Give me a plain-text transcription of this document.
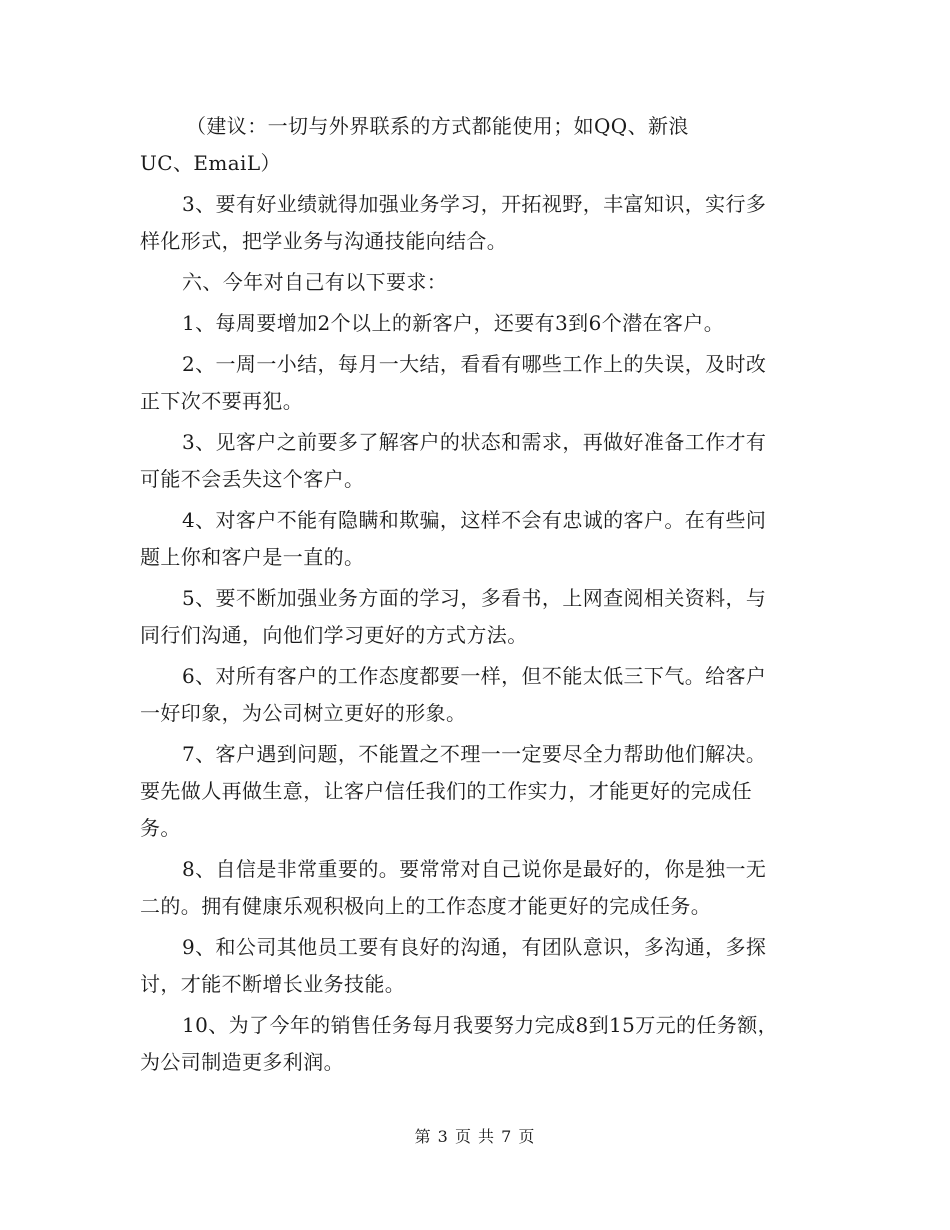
（建议：一切与外界联系的方式都能使用；如QQ、新浪
UC、EmaiL）

3、要有好业绩就得加强业务学习，开拓视野，丰富知识，实行多
样化形式，把学业务与沟通技能向结合。

六、今年对自己有以下要求：

1、每周要增加2个以上的新客户，还要有3到6个潜在客户。

2、一周一小结，每月一大结，看看有哪些工作上的失误，及时改
正下次不要再犯。

3、见客户之前要多了解客户的状态和需求，再做好准备工作才有
可能不会丢失这个客户。

4、对客户不能有隐瞒和欺骗，这样不会有忠诚的客户。在有些问
题上你和客户是一直的。

5、要不断加强业务方面的学习，多看书，上网查阅相关资料，与
同行们沟通，向他们学习更好的方式方法。

6、对所有客户的工作态度都要一样，但不能太低三下气。给客户
一好印象，为公司树立更好的形象。

7、客户遇到问题，不能置之不理一一定要尽全力帮助他们解决。
要先做人再做生意，让客户信任我们的工作实力，才能更好的完成任
务。

8、自信是非常重要的。要常常对自己说你是最好的，你是独一无
二的。拥有健康乐观积极向上的工作态度才能更好的完成任务。

9、和公司其他员工要有良好的沟通，有团队意识，多沟通，多探
讨，才能不断增长业务技能。

10、为了今年的销售任务每月我要努力完成8到15万元的任务额，
为公司制造更多利润。

第 3 页 共 7 页
